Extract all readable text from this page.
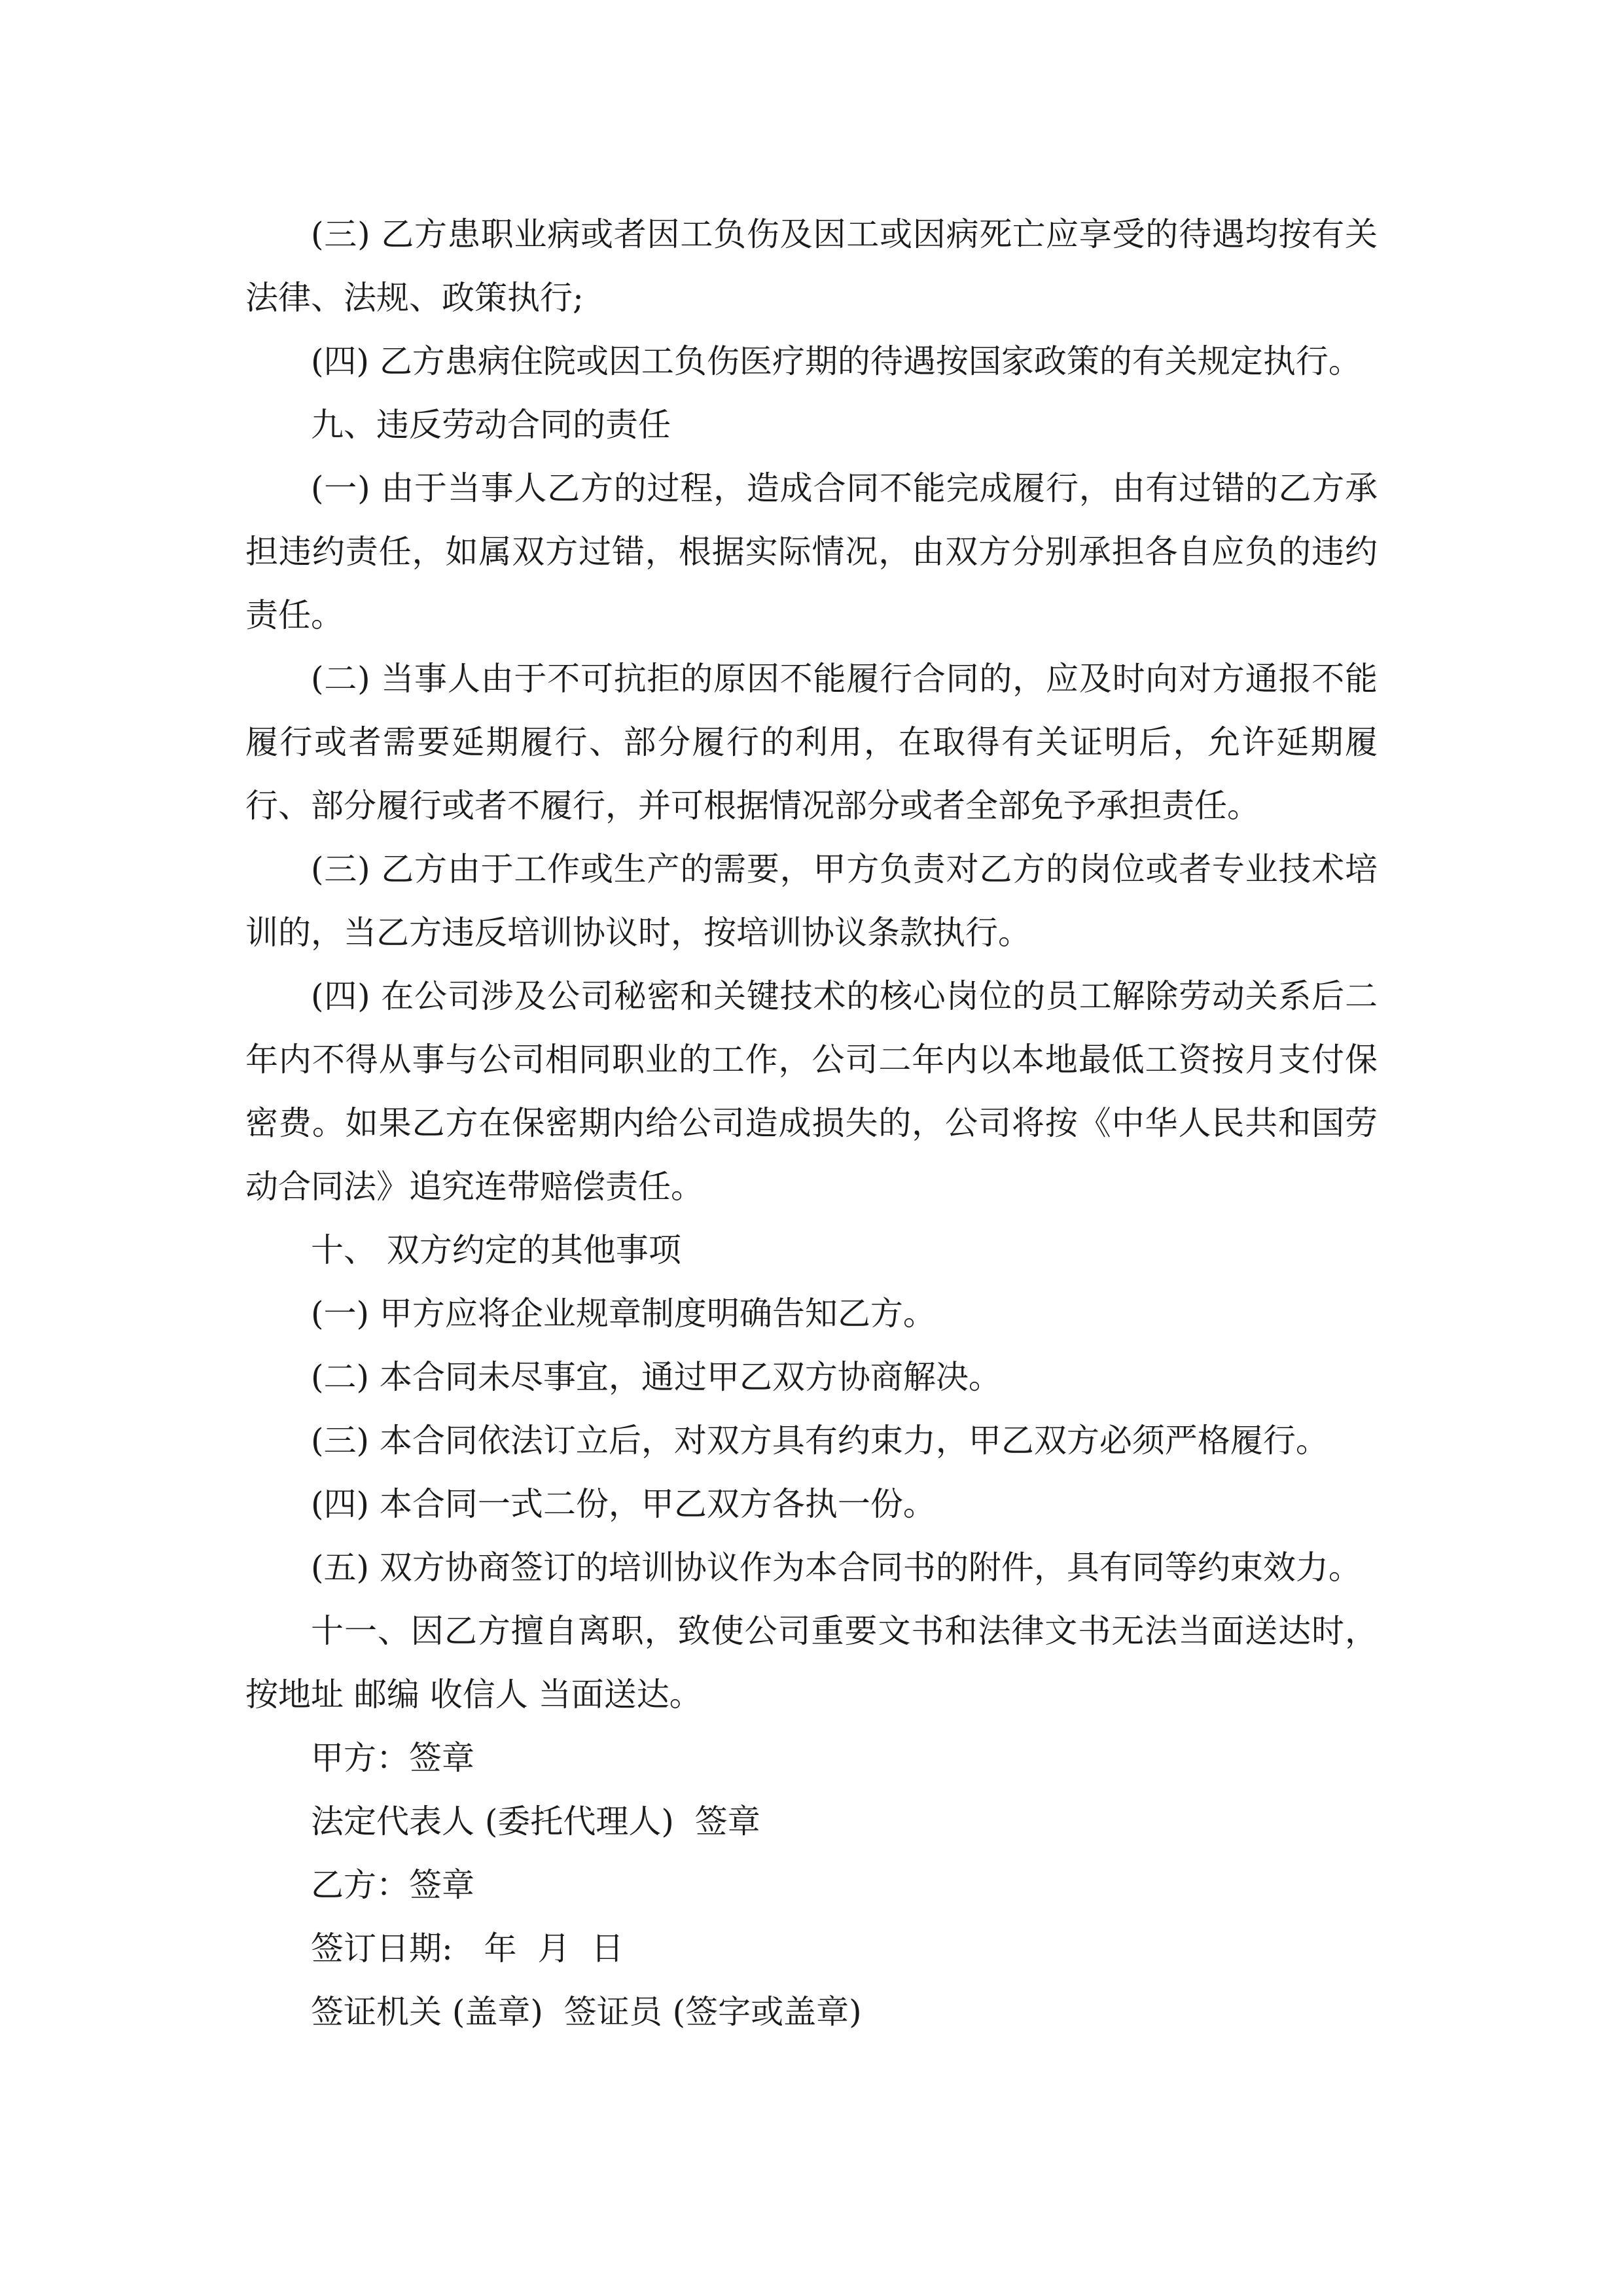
(三) 乙方患职业病或者因工负伤及因工或因病死亡应享受的待遇均按有关法律、法规、政策执行;

(四) 乙方患病住院或因工负伤医疗期的待遇按国家政策的有关规定执行。

九、违反劳动合同的责任

(一) 由于当事人乙方的过程，造成合同不能完成履行，由有过错的乙方承担违约责任，如属双方过错，根据实际情况，由双方分别承担各自应负的违约责任。

(二) 当事人由于不可抗拒的原因不能履行合同的，应及时向对方通报不能履行或者需要延期履行、部分履行的利用，在取得有关证明后，允许延期履行、部分履行或者不履行，并可根据情况部分或者全部免予承担责任。

(三) 乙方由于工作或生产的需要，甲方负责对乙方的岗位或者专业技术培训的，当乙方违反培训协议时，按培训协议条款执行。

(四) 在公司涉及公司秘密和关键技术的核心岗位的员工解除劳动关系后二年内不得从事与公司相同职业的工作，公司二年内以本地最低工资按月支付保密费。如果乙方在保密期内给公司造成损失的，公司将按《中华人民共和国劳动合同法》追究连带赔偿责任。

十、 双方约定的其他事项

(一) 甲方应将企业规章制度明确告知乙方。

(二) 本合同未尽事宜，通过甲乙双方协商解决。

(三) 本合同依法订立后，对双方具有约束力，甲乙双方必须严格履行。

(四) 本合同一式二份，甲乙双方各执一份。

(五) 双方协商签订的培训协议作为本合同书的附件，具有同等约束效力。

十一、因乙方擅自离职，致使公司重要文书和法律文书无法当面送达时，按地址 邮编 收信人 当面送达。

甲方：签章

法定代表人 (委托代理人)  签章

乙方：签章

签订日期:   年  月  日

签证机关 (盖章)  签证员 (签字或盖章)
